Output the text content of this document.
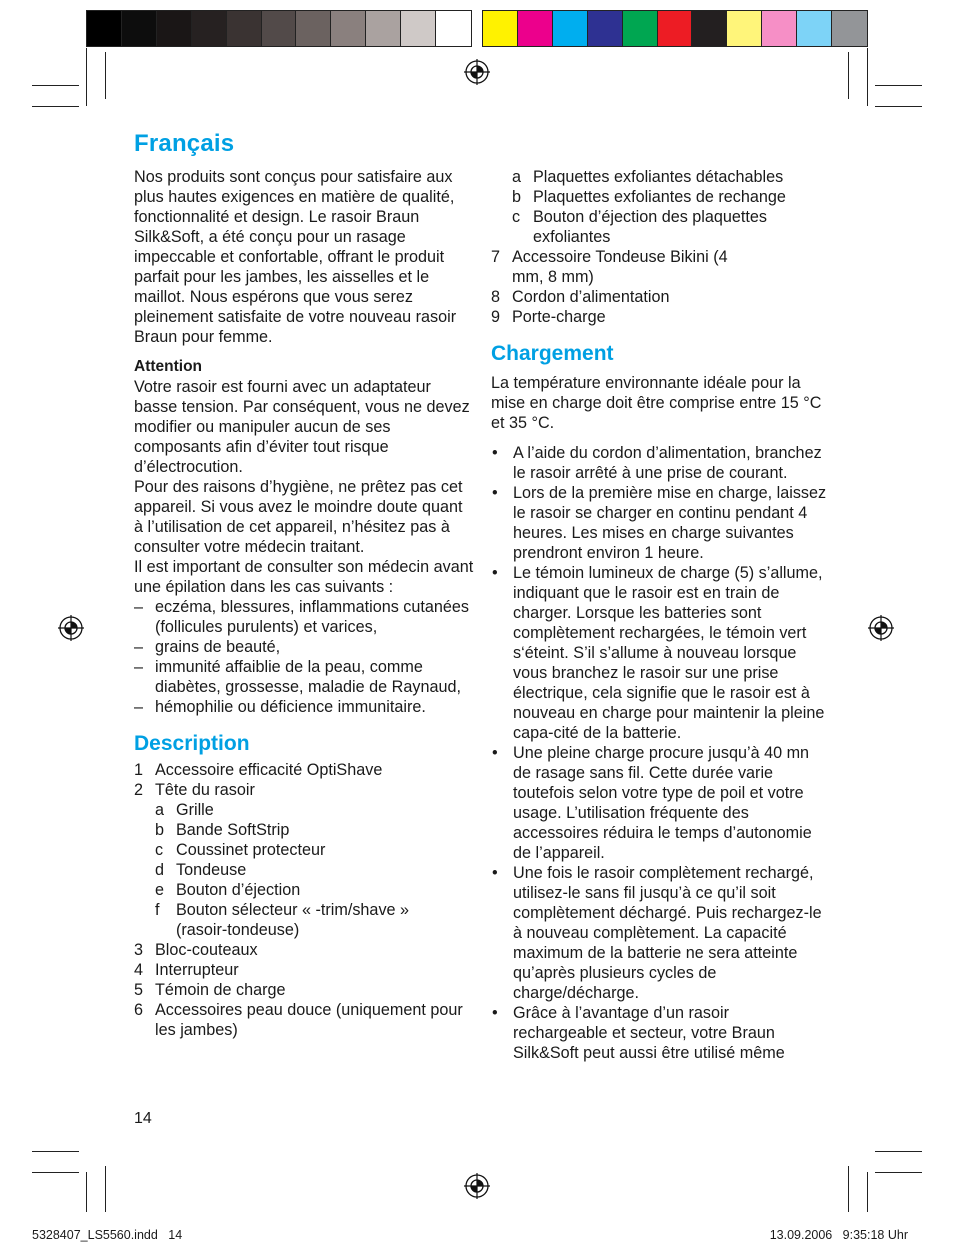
Français

Nos produits sont conçus pour satisfaire aux plus hautes exigences en matière de qualité, fonctionnalité et design. Le rasoir Braun Silk&Soft, a été conçu pour un rasage impeccable et confortable, offrant le produit parfait pour les jambes, les aisselles et le maillot. Nous espérons que vous serez pleinement satisfaite de votre nouveau rasoir Braun pour femme.

Attention

Votre rasoir est fourni avec un adaptateur basse tension. Par conséquent, vous ne devez modifier ou manipuler aucun de ses composants afin d’éviter tout risque d’électrocution.

Pour des raisons d’hygiène, ne prêtez pas cet appareil. Si vous avez le moindre doute quant à l’utilisation de cet appareil, n’hésitez pas à consulter votre médecin traitant.

Il est important de consulter son médecin avant une épilation dans les cas suivants :

– eczéma, blessures, inflammations cutanées (follicules purulents) et varices,
– grains de beauté,
– immunité affaiblie de la peau, comme diabètes, grossesse, maladie de Raynaud,
– hémophilie ou déficience immunitaire.
Description
1 Accessoire efficacité OptiShave
2 Tête du rasoir
a Grille
b Bande SoftStrip
c Coussinet protecteur
d Tondeuse
e Bouton d’éjection
f	Bouton sélecteur « -trim/shave » (rasoir-tondeuse)
3 Bloc-couteaux
4 Interrupteur
5 Témoin de charge
6 Accessoires peau douce (uniquement pour les jambes)
a Plaquettes exfoliantes détachables
b Plaquettes exfoliantes de rechange
c Bouton d’éjection des plaquettes exfoliantes
7 Accessoire Tondeuse Bikini (4 mm, 8 mm)
8 Cordon d’alimentation
9 Porte-charge
Chargement

La température environnante idéale pour la mise en charge doit être comprise entre 15 °C et 35 °C.

• A l’aide du cordon d’alimentation, branchez le rasoir arrêté à une prise de courant.
• Lors de la première mise en charge, laissez le rasoir se charger en continu pendant 4 heures. Les mises en charge suivantes prendront environ 1 heure.
• Le témoin lumineux de charge (5) s’allume, indiquant que le rasoir est en train de charger. Lorsque les batteries sont complètement rechargées, le témoin vert s‘éteint. S’il s’allume à nouveau lorsque vous branchez le rasoir sur une prise électrique, cela signifie que le rasoir est à nouveau en charge pour maintenir la pleine capa-cité de la batterie.
• Une pleine charge procure jusqu’à 40 mn de rasage sans fil. Cette durée varie toutefois selon votre type de poil et votre usage. L’utilisation fréquente des accessoires réduira le temps d’autonomie de l’appareil.
• Une fois le rasoir complètement rechargé, utilisez-le sans fil jusqu’à ce qu’il soit complètement déchargé. Puis rechargez-le à nouveau complètement. La capacité maximum de la batterie ne sera atteinte qu’après plusieurs cycles de charge/décharge.
• Grâce à l’avantage d’un rasoir rechargeable et secteur, votre Braun Silk&Soft peut aussi être utilisé même
14
5328407_LS5560.indd   14	13.09.2006   9:35:18 Uhr
